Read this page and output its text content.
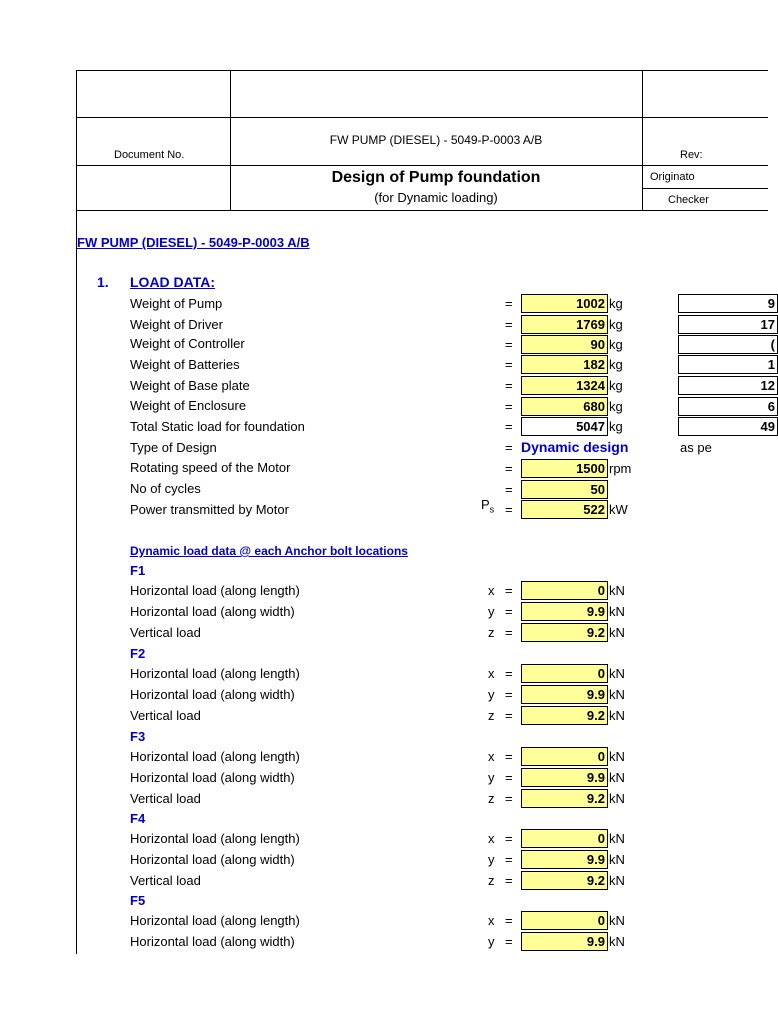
Document No.
FW PUMP (DIESEL) - 5049-P-0003 A/B
Rev:
Design of Pump foundation
(for Dynamic loading)
Originato
Checker
FW PUMP (DIESEL) - 5049-P-0003 A/B
1. LOAD DATA:
Weight of Pump	=	1002 kg	9
Weight of Driver	=	1769 kg	17
Weight of Controller	=	90 kg	(
Weight of Batteries	=	182 kg	1
Weight of Base plate	=	1324 kg	12
Weight of Enclosure	=	680 kg	6
Total Static load for foundation	=	5047 kg	49
Type of Design	= Dynamic design	as pe
Rotating speed of the Motor	=	1500 rpm
No of cycles	=	50
Power transmitted by Motor	$P_s$ =	522 kW
Dynamic load data @ each Anchor bolt locations
F1
Horizontal load (along length)	x =	0 kN
Horizontal load (along width)	y =	9.9 kN
Vertical load	z =	9.2 kN
F2
Horizontal load (along length)	x =	0 kN
Horizontal load (along width)	y =	9.9 kN
Vertical load	z =	9.2 kN
F3
Horizontal load (along length)	x =	0 kN
Horizontal load (along width)	y =	9.9 kN
Vertical load	z =	9.2 kN
F4
Horizontal load (along length)	x =	0 kN
Horizontal load (along width)	y =	9.9 kN
Vertical load	z =	9.2 kN
F5
Horizontal load (along length)	x =	0 kN
Horizontal load (along width)	y =	9.9 kN
